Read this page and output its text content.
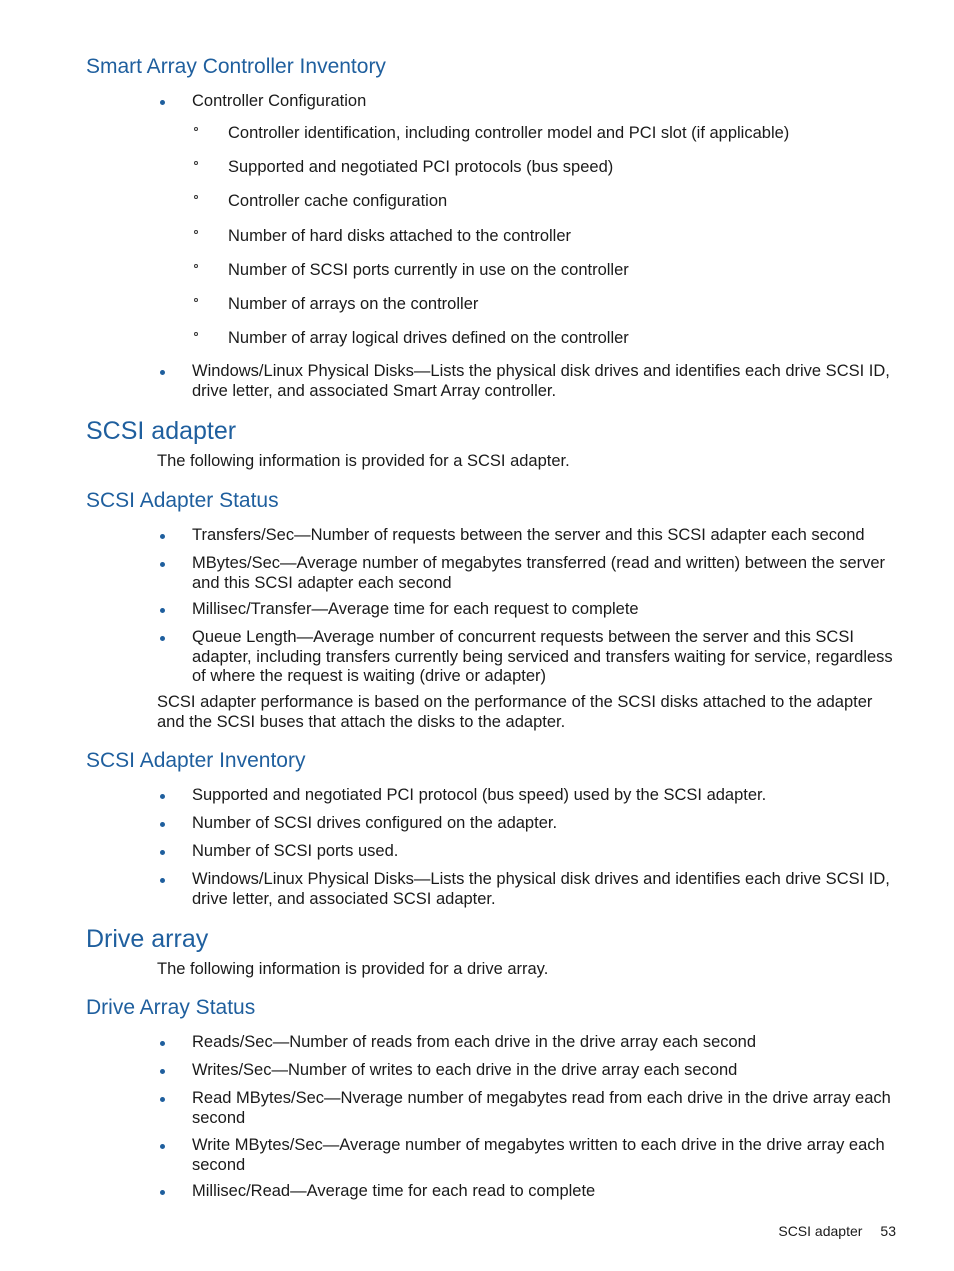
Smart Array Controller Inventory
Controller Configuration
Controller identification, including controller model and PCI slot (if applicable)
Supported and negotiated PCI protocols (bus speed)
Controller cache configuration
Number of hard disks attached to the controller
Number of SCSI ports currently in use on the controller
Number of arrays on the controller
Number of array logical drives defined on the controller
Windows/Linux Physical Disks—Lists the physical disk drives and identifies each drive SCSI ID, drive letter, and associated Smart Array controller.
SCSI adapter

The following information is provided for a SCSI adapter.

SCSI Adapter Status
Transfers/Sec—Number of requests between the server and this SCSI adapter each second
MBytes/Sec—Average number of megabytes transferred (read and written) between the server and this SCSI adapter each second
Millisec/Transfer—Average time for each request to complete
Queue Length—Average number of concurrent requests between the server and this SCSI adapter, including transfers currently being serviced and transfers waiting for service, regardless of where the request is waiting (drive or adapter)

SCSI adapter performance is based on the performance of the SCSI disks attached to the adapter and the SCSI buses that attach the disks to the adapter.

SCSI Adapter Inventory
Supported and negotiated PCI protocol (bus speed) used by the SCSI adapter.
Number of SCSI drives configured on the adapter.
Number of SCSI ports used.
Windows/Linux Physical Disks—Lists the physical disk drives and identifies each drive SCSI ID, drive letter, and associated SCSI adapter.
Drive array

The following information is provided for a drive array.

Drive Array Status
Reads/Sec—Number of reads from each drive in the drive array each second
Writes/Sec—Number of writes to each drive in the drive array each second
Read MBytes/Sec—Nverage number of megabytes read from each drive in the drive array each second
Write MBytes/Sec—Average number of megabytes written to each drive in the drive array each second
Millisec/Read—Average time for each read to complete
SCSI adapter 53
